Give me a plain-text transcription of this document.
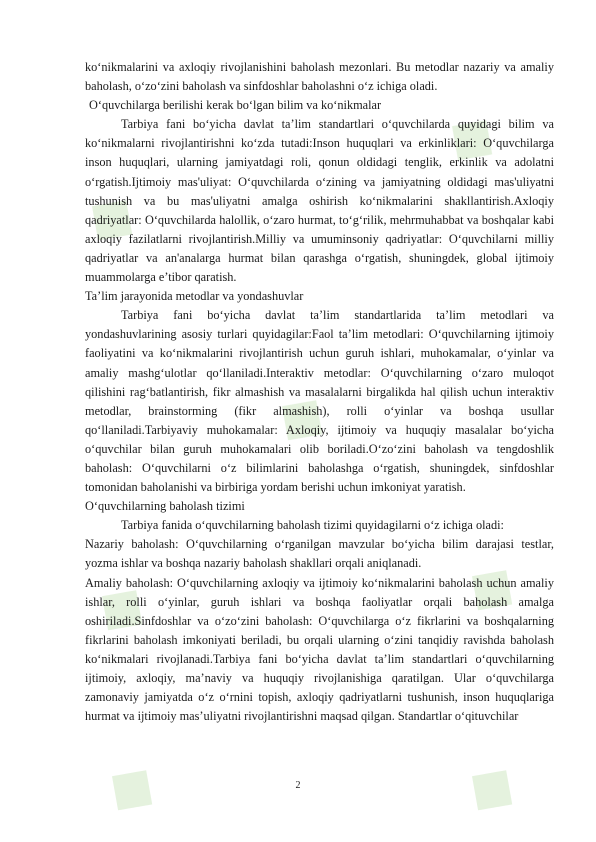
◆
◆
◆
◆	◆
◆	◆

ko‘nikmalarini va axloqiy rivojlanishini baholash mezonlari. Bu metodlar nazariy va amaliy baholash, o‘zo‘zini baholash va sinfdoshlar baholashni o‘z ichiga oladi.

O‘quvchilarga berilishi kerak bo‘lgan bilim va ko‘nikmalar

Tarbiya fani bo‘yicha davlat ta’lim standartlari o‘quvchilarda quyidagi bilim va ko‘nikmalarni rivojlantirishni ko‘zda tutadi:Inson huquqlari va erkinliklari: O‘quvchilarga inson huquqlari, ularning jamiyatdagi roli, qonun oldidagi tenglik, erkinlik va adolatni o‘rgatish.Ijtimoiy mas'uliyat: O‘quvchilarda o‘zining va jamiyatning oldidagi mas'uliyatni tushunish va bu mas'uliyatni amalga oshirish ko‘nikmalarini shakllantirish.Axloqiy qadriyatlar: O‘quvchilarda halollik, o‘zaro hurmat, to‘g‘rilik, mehrmuhabbat va boshqalar kabi axloqiy fazilatlarni rivojlantirish.Milliy va umuminsoniy qadriyatlar: O‘quvchilarni milliy qadriyatlar va an'analarga hurmat bilan qarashga o‘rgatish, shuningdek, global ijtimoiy muammolarga e’tibor qaratish.

Ta’lim jarayonida metodlar va yondashuvlar

Tarbiya fani bo‘yicha davlat ta’lim standartlarida ta’lim metodlari va yondashuvlarining asosiy turlari quyidagilar:Faol ta’lim metodlari: O‘quvchilarning ijtimoiy faoliyatini va ko‘nikmalarini rivojlantirish uchun guruh ishlari, muhokamalar, o‘yinlar va amaliy mashg‘ulotlar qo‘llaniladi.Interaktiv metodlar: O‘quvchilarning o‘zaro muloqot qilishini rag‘batlantirish, fikr almashish va masalalarni birgalikda hal qilish uchun interaktiv metodlar, brainstorming (fikr almashish), rolli o‘yinlar va boshqa usullar qo‘llaniladi.Tarbiyaviy muhokamalar: Axloqiy, ijtimoiy va huquqiy masalalar bo‘yicha o‘quvchilar bilan guruh muhokamalari olib boriladi.O‘zo‘zini baholash va tengdoshlik baholash: O‘quvchilarni o‘z bilimlarini baholashga o‘rgatish, shuningdek, sinfdoshlar tomonidan baholanishi va birbiriga yordam berishi uchun imkoniyat yaratish.

O‘quvchilarning baholash tizimi

Tarbiya fanida o‘quvchilarning baholash tizimi quyidagilarni o‘z ichiga oladi:

Nazariy baholash: O‘quvchilarning o‘rganilgan mavzular bo‘yicha bilim darajasi testlar, yozma ishlar va boshqa nazariy baholash shakllari orqali aniqlanadi.

Amaliy baholash: O‘quvchilarning axloqiy va ijtimoiy ko‘nikmalarini baholash uchun amaliy ishlar, rolli o‘yinlar, guruh ishlari va boshqa faoliyatlar orqali baholash amalga oshiriladi.Sinfdoshlar va o‘zo‘zini baholash: O‘quvchilarga o‘z fikrlarini va boshqalarning fikrlarini baholash imkoniyati beriladi, bu orqali ularning o‘zini tanqidiy ravishda baholash ko‘nikmalari rivojlanadi.Tarbiya fani bo‘yicha davlat ta’lim standartlari o‘quvchilarning ijtimoiy, axloqiy, ma’naviy va huquqiy rivojlanishiga qaratilgan. Ular o‘quvchilarga zamonaviy jamiyatda o‘z o‘rnini topish, axloqiy qadriyatlarni tushunish, inson huquqlariga hurmat va ijtimoiy mas’uliyatni rivojlantirishni maqsad qilgan. Standartlar o‘qituvchilar

2
